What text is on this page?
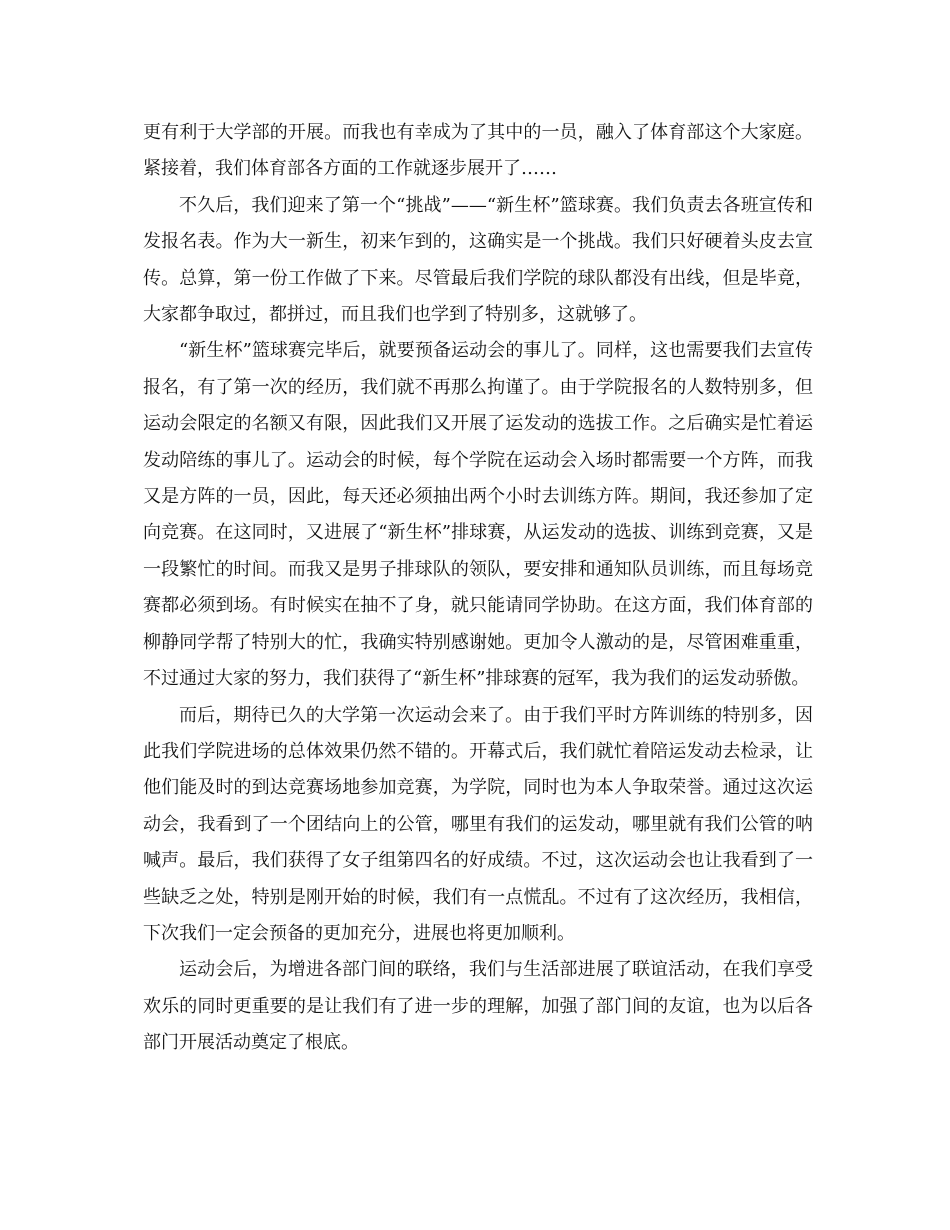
更有利于大学部的开展。而我也有幸成为了其中的一员，融入了体育部这个大家庭。紧接着，我们体育部各方面的工作就逐步展开了……

不久后，我们迎来了第一个“挑战”——“新生杯”篮球赛。我们负责去各班宣传和发报名表。作为大一新生，初来乍到的，这确实是一个挑战。我们只好硬着头皮去宣传。总算，第一份工作做了下来。尽管最后我们学院的球队都没有出线，但是毕竟，大家都争取过，都拼过，而且我们也学到了特别多，这就够了。

“新生杯”篮球赛完毕后，就要预备运动会的事儿了。同样，这也需要我们去宣传报名，有了第一次的经历，我们就不再那么拘谨了。由于学院报名的人数特别多，但运动会限定的名额又有限，因此我们又开展了运发动的选拔工作。之后确实是忙着运发动陪练的事儿了。运动会的时候，每个学院在运动会入场时都需要一个方阵，而我又是方阵的一员，因此，每天还必须抽出两个小时去训练方阵。期间，我还参加了定向竞赛。在这同时，又进展了“新生杯”排球赛，从运发动的选拔、训练到竞赛，又是一段繁忙的时间。而我又是男子排球队的领队，要安排和通知队员训练，而且每场竞赛都必须到场。有时候实在抽不了身，就只能请同学协助。在这方面，我们体育部的柳静同学帮了特别大的忙，我确实特别感谢她。更加令人激动的是，尽管困难重重，不过通过大家的努力，我们获得了“新生杯”排球赛的冠军，我为我们的运发动骄傲。

而后，期待已久的大学第一次运动会来了。由于我们平时方阵训练的特别多，因此我们学院进场的总体效果仍然不错的。开幕式后，我们就忙着陪运发动去检录，让他们能及时的到达竞赛场地参加竞赛，为学院，同时也为本人争取荣誉。通过这次运动会，我看到了一个团结向上的公管，哪里有我们的运发动，哪里就有我们公管的呐喊声。最后，我们获得了女子组第四名的好成绩。不过，这次运动会也让我看到了一些缺乏之处，特别是刚开始的时候，我们有一点慌乱。不过有了这次经历，我相信，下次我们一定会预备的更加充分，进展也将更加顺利。

运动会后，为增进各部门间的联络，我们与生活部进展了联谊活动，在我们享受欢乐的同时更重要的是让我们有了进一步的理解，加强了部门间的友谊，也为以后各部门开展活动奠定了根底。
